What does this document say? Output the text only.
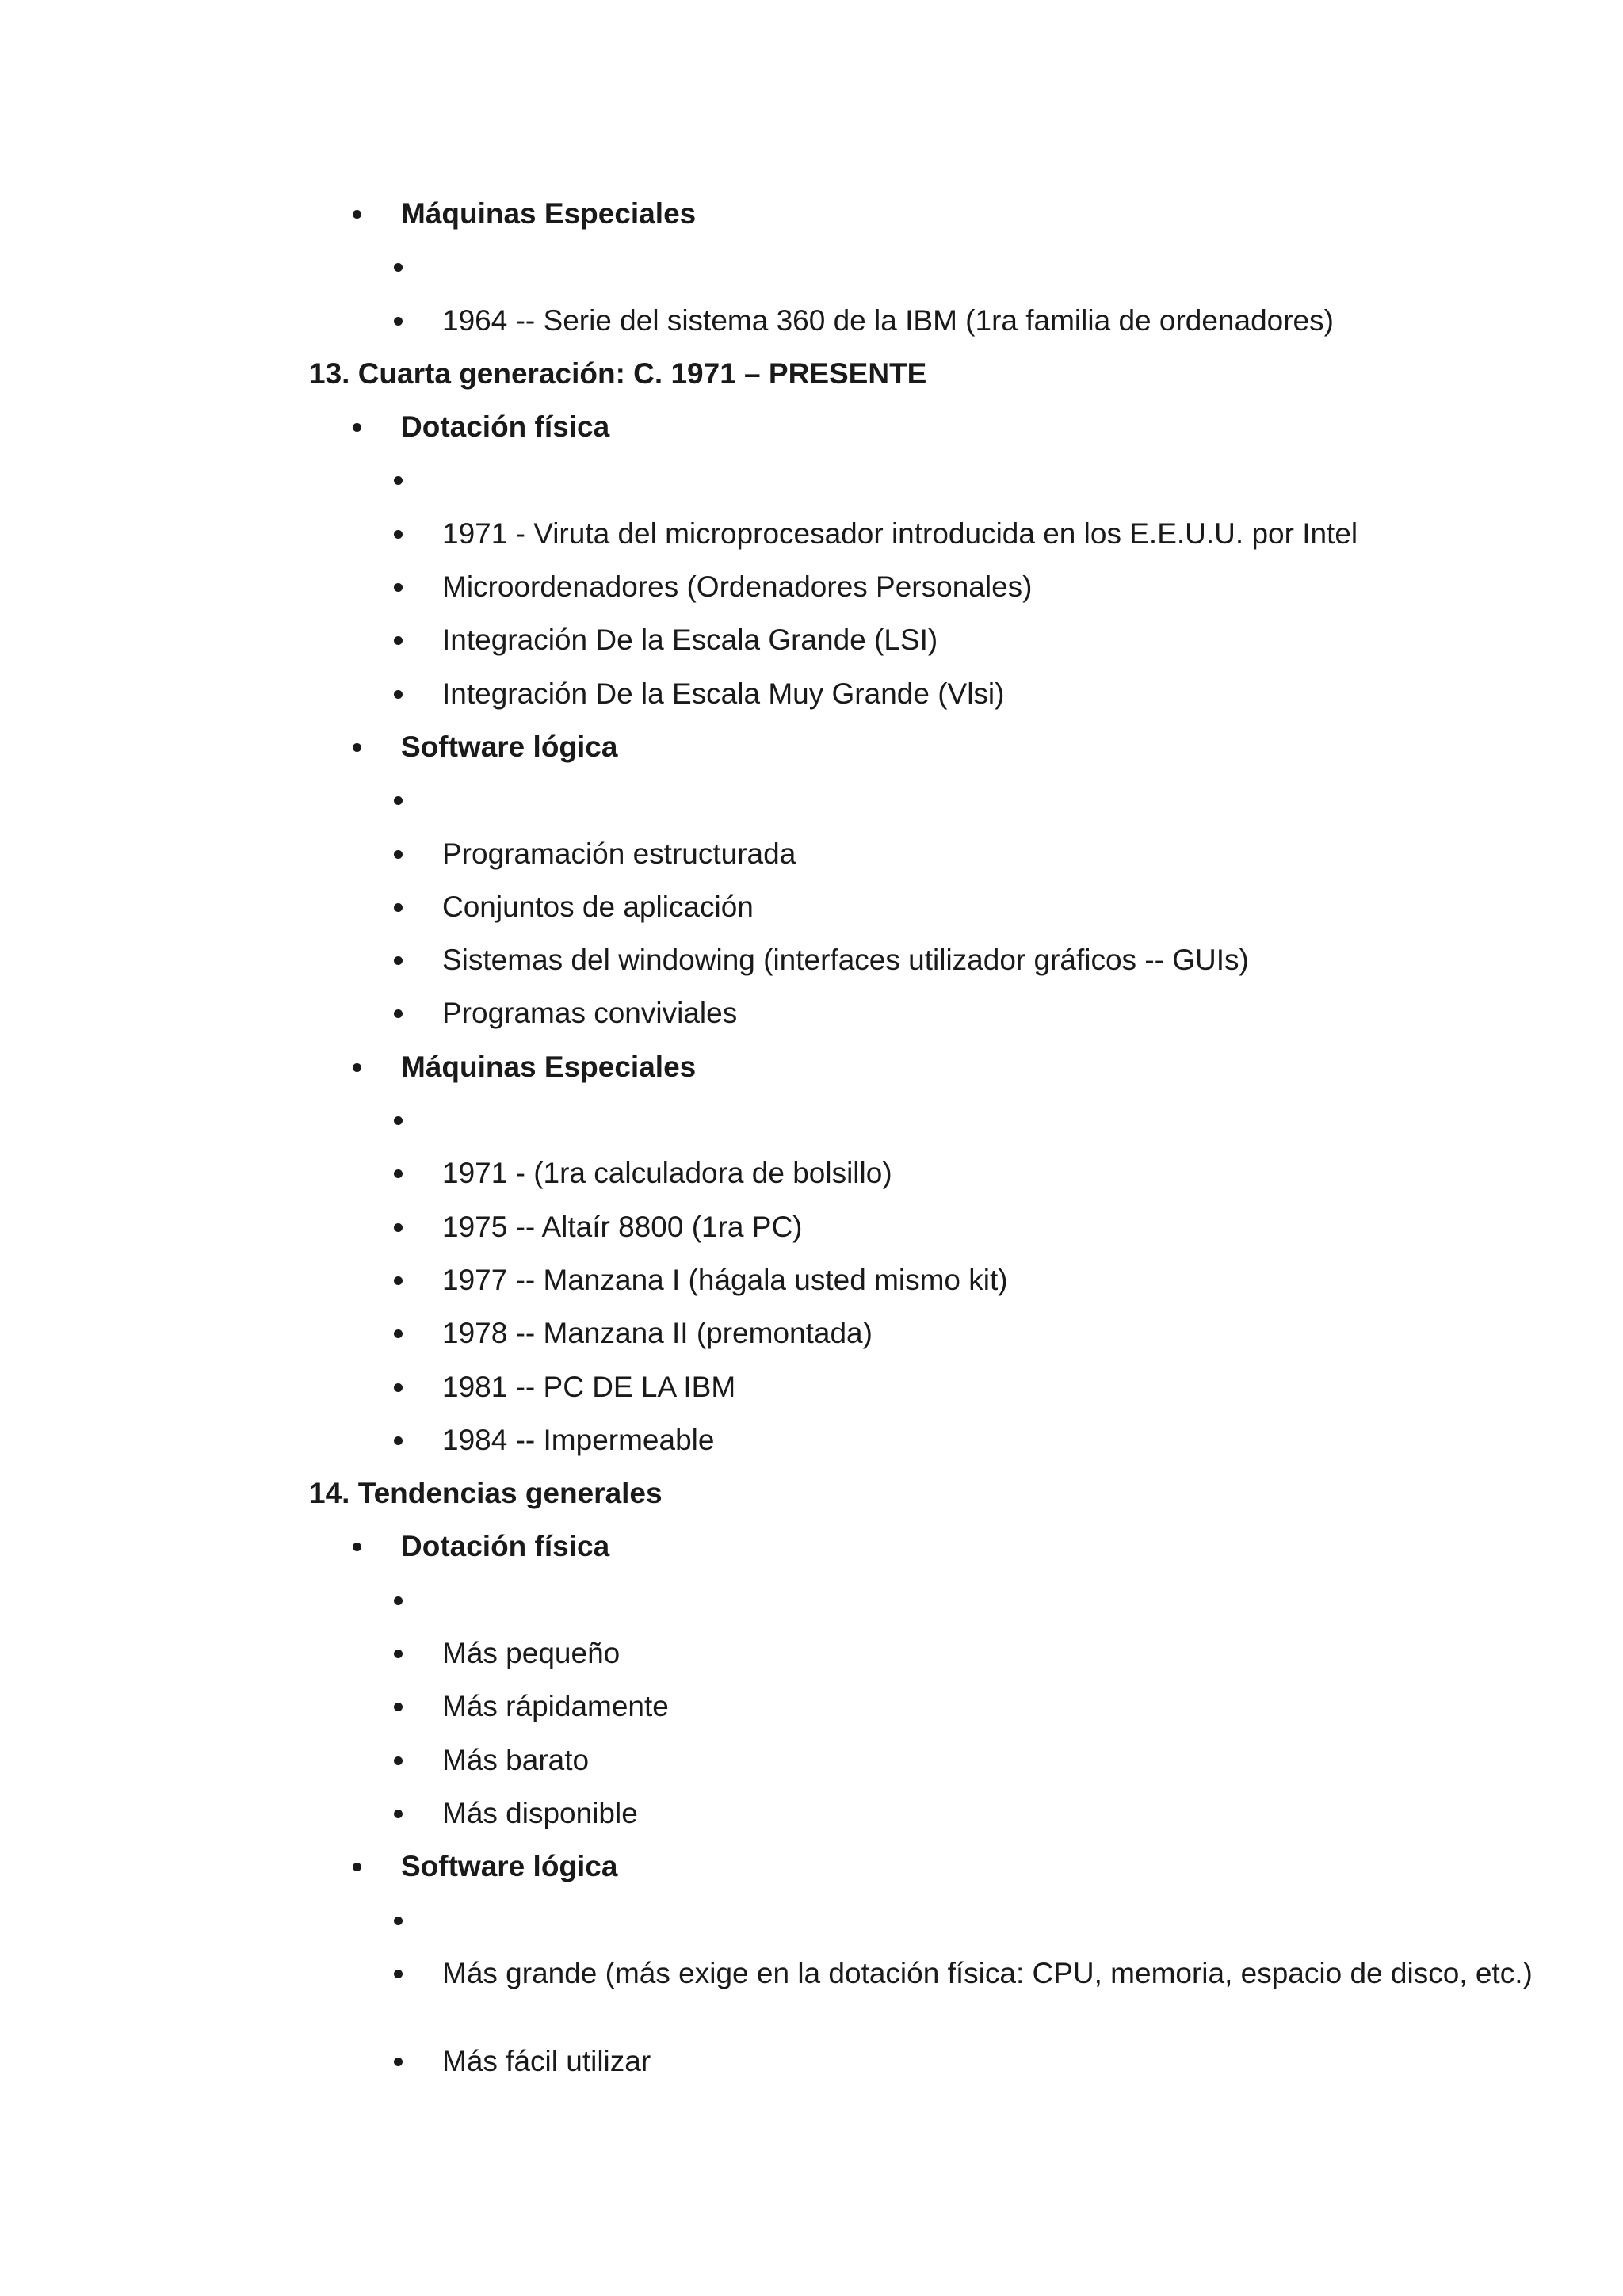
Máquinas Especiales
1964 -- Serie del sistema 360 de la IBM (1ra familia de ordenadores)
13. Cuarta generación: C. 1971 – PRESENTE
Dotación física
1971 - Viruta del microprocesador introducida en los E.E.U.U. por Intel
Microordenadores (Ordenadores Personales)
Integración De la Escala Grande (LSI)
Integración De la Escala Muy Grande (Vlsi)
Software lógica
Programación estructurada
Conjuntos de aplicación
Sistemas del windowing (interfaces utilizador gráficos -- GUIs)
Programas conviviales
Máquinas Especiales
1971 - (1ra calculadora de bolsillo)
1975 -- Altaír 8800 (1ra PC)
1977 -- Manzana I (hágala usted mismo kit)
1978 -- Manzana II (premontada)
1981 -- PC DE LA IBM
1984 -- Impermeable
14. Tendencias generales
Dotación física
Más pequeño
Más rápidamente
Más barato
Más disponible
Software lógica
Más grande (más exige en la dotación física: CPU, memoria, espacio de disco, etc.)
Más fácil utilizar
